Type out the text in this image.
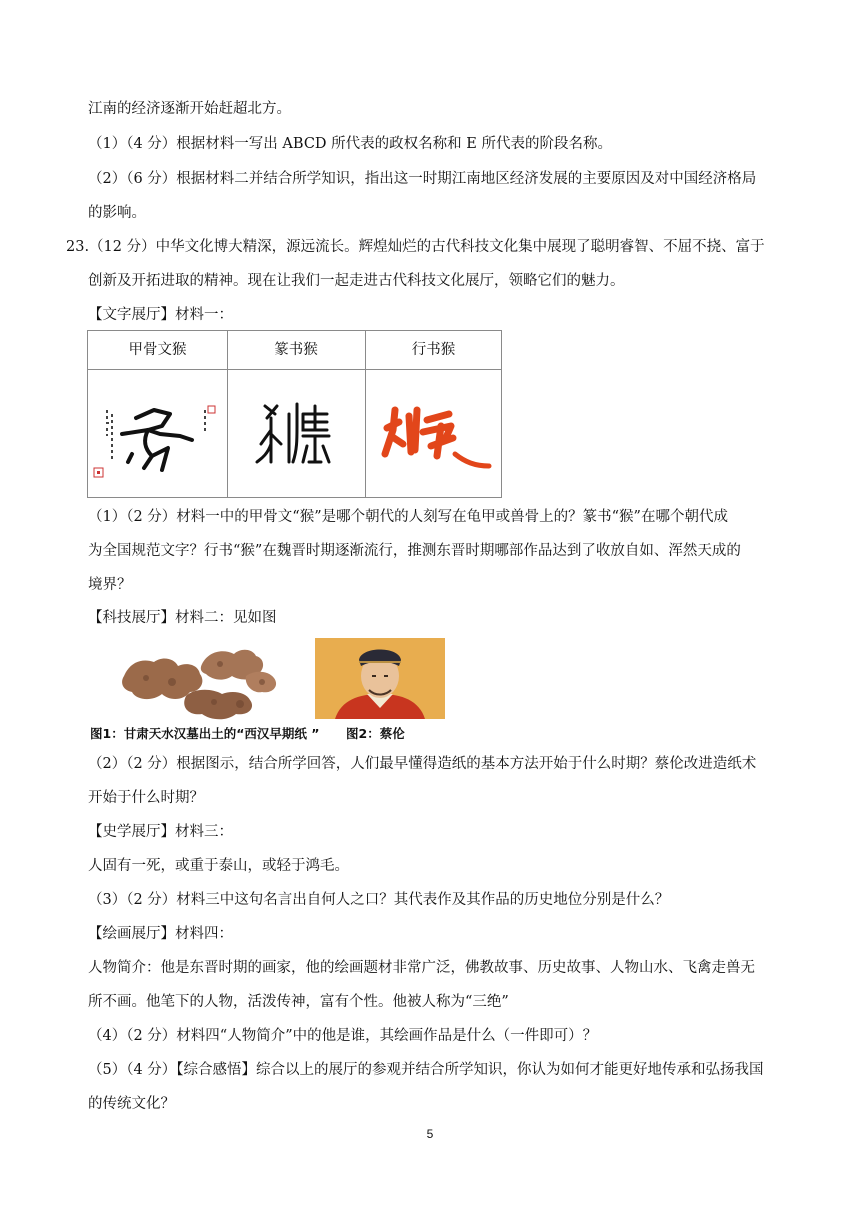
江南的经济逐渐开始赶超北方。
（1）（4 分）根据材料一写出 ABCD 所代表的政权名称和 E 所代表的阶段名称。
（2）（6 分）根据材料二并结合所学知识，指出这一时期江南地区经济发展的主要原因及对中国经济格局
的影响。
23.（12 分）中华文化博大精深，源远流长。辉煌灿烂的古代科技文化集中展现了聪明睿智、不屈不挠、富于
创新及开拓进取的精神。现在让我们一起走进古代科技文化展厅，领略它们的魅力。
【文字展厅】材料一：
甲骨文猴	篆书猴	行书猴
（1）（2 分）材料一中的甲骨文“猴”是哪个朝代的人刻写在龟甲或兽骨上的？篆书“猴”在哪个朝代成
为全国规范文字？行书“猴”在魏晋时期逐渐流行，推测东晋时期哪部作品达到了收放自如、浑然天成的
境界？
【科技展厅】材料二：见如图
图1：甘肃天水汉墓出土的“西汉早期纸 ” 图2：蔡伦
（2）（2 分）根据图示，结合所学回答，人们最早懂得造纸的基本方法开始于什么时期？蔡伦改进造纸术
开始于什么时期？
【史学展厅】材料三：
人固有一死，或重于泰山，或轻于鸿毛。
（3）（2 分）材料三中这句名言出自何人之口？其代表作及其作品的历史地位分别是什么？
【绘画展厅】材料四：
人物简介：他是东晋时期的画家，他的绘画题材非常广泛，佛教故事、历史故事、人物山水、飞禽走兽无
所不画。他笔下的人物，活泼传神，富有个性。他被人称为“三绝”
（4）（2 分）材料四“人物简介”中的他是谁，其绘画作品是什么（一件即可）？
（5）（4 分）【综合感悟】综合以上的展厅的参观并结合所学知识，你认为如何才能更好地传承和弘扬我国
的传统文化？
5
